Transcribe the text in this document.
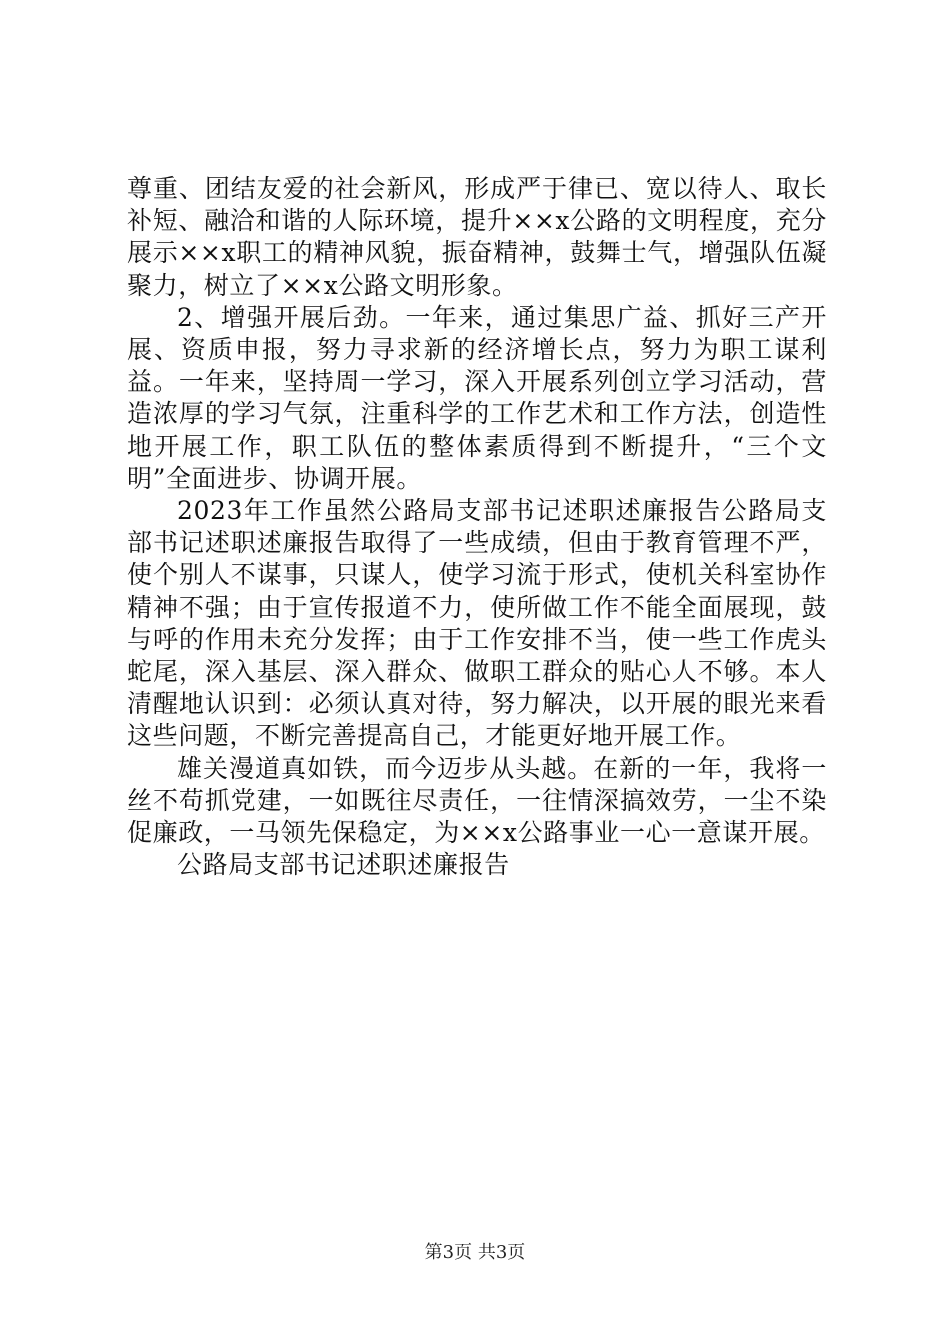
尊重、团结友爱的社会新风，形成严于律已、宽以待人、取长补短、融洽和谐的人际环境，提升××x公路的文明程度，充分展示××x职工的精神风貌，振奋精神，鼓舞士气，增强队伍凝聚力，树立了××x公路文明形象。

2、增强开展后劲。一年来，通过集思广益、抓好三产开展、资质申报，努力寻求新的经济增长点，努力为职工谋利益。一年来，坚持周一学习，深入开展系列创立学习活动，营造浓厚的学习气氛，注重科学的工作艺术和工作方法，创造性地开展工作，职工队伍的整体素质得到不断提升，“三个文明”全面进步、协调开展。

2023年工作虽然公路局支部书记述职述廉报告公路局支部书记述职述廉报告取得了一些成绩，但由于教育管理不严，使个别人不谋事，只谋人，使学习流于形式，使机关科室协作精神不强；由于宣传报道不力，使所做工作不能全面展现，鼓与呼的作用未充分发挥；由于工作安排不当，使一些工作虎头蛇尾，深入基层、深入群众、做职工群众的贴心人不够。本人清醒地认识到：必须认真对待，努力解决，以开展的眼光来看这些问题，不断完善提高自己，才能更好地开展工作。

雄关漫道真如铁，而今迈步从头越。在新的一年，我将一丝不苟抓党建，一如既往尽责任，一往情深搞效劳，一尘不染促廉政，一马领先保稳定，为××x公路事业一心一意谋开展。

公路局支部书记述职述廉报告

第3页 共3页
